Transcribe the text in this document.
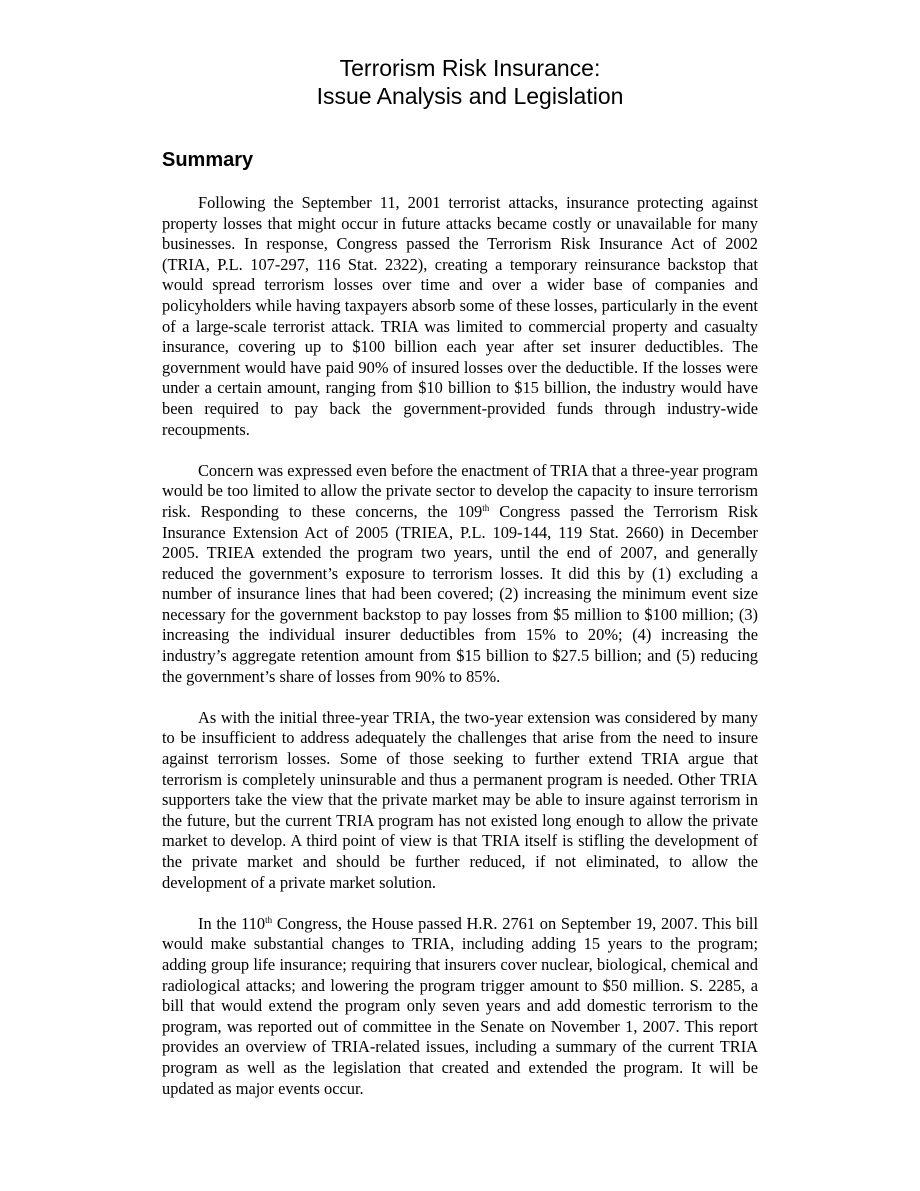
Terrorism Risk Insurance:
Issue Analysis and Legislation
Summary

Following the September 11, 2001 terrorist attacks, insurance protecting against property losses that might occur in future attacks became costly or unavailable for many businesses. In response, Congress passed the Terrorism Risk Insurance Act of 2002 (TRIA, P.L. 107-297, 116 Stat. 2322), creating a temporary reinsurance backstop that would spread terrorism losses over time and over a wider base of companies and policyholders while having taxpayers absorb some of these losses, particularly in the event of a large-scale terrorist attack. TRIA was limited to commercial property and casualty insurance, covering up to $100 billion each year after set insurer deductibles. The government would have paid 90% of insured losses over the deductible. If the losses were under a certain amount, ranging from $10 billion to $15 billion, the industry would have been required to pay back the government-provided funds through industry-wide recoupments.

Concern was expressed even before the enactment of TRIA that a three-year program would be too limited to allow the private sector to develop the capacity to insure terrorism risk. Responding to these concerns, the 109th Congress passed the Terrorism Risk Insurance Extension Act of 2005 (TRIEA, P.L. 109-144, 119 Stat. 2660) in December 2005. TRIEA extended the program two years, until the end of 2007, and generally reduced the government’s exposure to terrorism losses. It did this by (1) excluding a number of insurance lines that had been covered; (2) increasing the minimum event size necessary for the government backstop to pay losses from $5 million to $100 million; (3) increasing the individual insurer deductibles from 15% to 20%; (4) increasing the industry’s aggregate retention amount from $15 billion to $27.5 billion; and (5) reducing the government’s share of losses from 90% to 85%.

As with the initial three-year TRIA, the two-year extension was considered by many to be insufficient to address adequately the challenges that arise from the need to insure against terrorism losses. Some of those seeking to further extend TRIA argue that terrorism is completely uninsurable and thus a permanent program is needed. Other TRIA supporters take the view that the private market may be able to insure against terrorism in the future, but the current TRIA program has not existed long enough to allow the private market to develop. A third point of view is that TRIA itself is stifling the development of the private market and should be further reduced, if not eliminated, to allow the development of a private market solution.

In the 110th Congress, the House passed H.R. 2761 on September 19, 2007. This bill would make substantial changes to TRIA, including adding 15 years to the program; adding group life insurance; requiring that insurers cover nuclear, biological, chemical and radiological attacks; and lowering the program trigger amount to $50 million. S. 2285, a bill that would extend the program only seven years and add domestic terrorism to the program, was reported out of committee in the Senate on November 1, 2007. This report provides an overview of TRIA-related issues, including a summary of the current TRIA program as well as the legislation that created and extended the program. It will be updated as major events occur.
